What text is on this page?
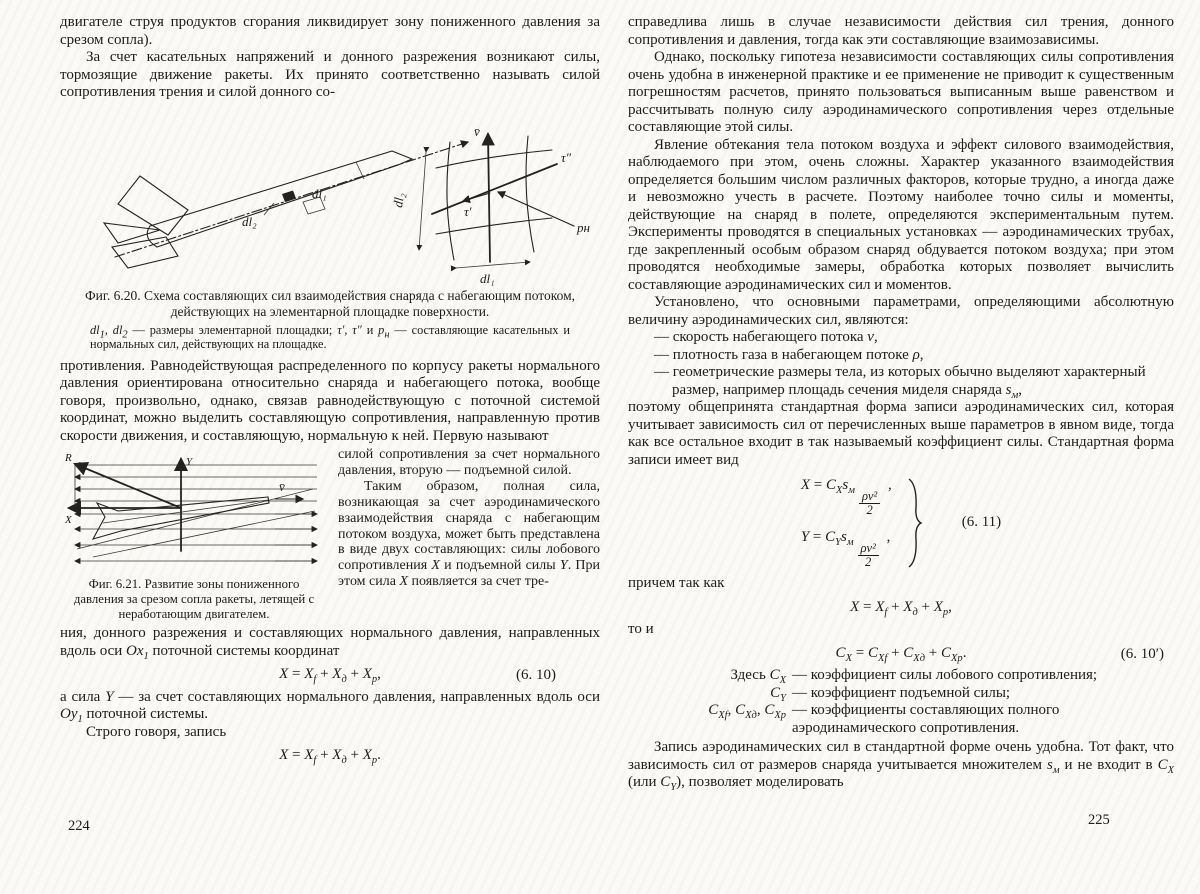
двигателе струя продуктов сгорания ликвидирует зону пониженного давления за срезом сопла).

За счет касательных напряжений и донного разрежения возникают силы, тормозящие движение ракеты. Их принято соответственно называть силой сопротивления трения и силой донного со-

v̄
dl₂
dl₁
τ″
τ′
pн
dl₂
dl₁
Фиг. 6.20. Схема составляющих сил взаимодействия снаряда с набегающим потоком, действующих на элементарной площадке поверхности.
$dl_1$, $dl_2$ — размеры элементарной площадки; τ′, τ″ и $p_н$ — составляющие касательных и нормальных сил, действующих на площадке.

противления. Равнодействующая распределенного по корпусу ракеты нормального давления ориентирована относительно снаряда и набегающего потока, вообще говоря, произвольно, однако, связав равнодействующую с поточной системой координат, можно выделить составляющую сопротивления, направленную против скорости движения, и составляющую, нормальную к ней. Первую называют

Y
X
R
v̄
Фиг. 6.21. Развитие зоны пониженного давления за срезом сопла ракеты, летящей с неработающим двигателем.

силой сопротивления за счет нормального давления, вторую — подъемной силой.

Таким образом, полная сила, возникающая за счет аэродинамического взаимодействия снаряда с набегающим потоком воздуха, может быть представлена в виде двух составляющих: силы лобового сопротивления X и подъемной силы Y. При этом сила X появляется за счет тре-

ния, донного разрежения и составляющих нормального давления, направленных вдоль оси $Ox_1$ поточной системы координат

$X = X_f + X_д + X_p$,	(6. 10)

а сила Y — за счет составляющих нормального давления, направленных вдоль оси $Oy_1$ поточной системы.

Строго говоря, запись

$X = X_f + X_д + X_p$.
224

справедлива лишь в случае независимости действия сил трения, донного сопротивления и давления, тогда как эти составляющие взаимозависимы.

Однако, поскольку гипотеза независимости составляющих силы сопротивления очень удобна в инженерной практике и ее применение не приводит к существенным погрешностям расчетов, принято пользоваться выписанным выше равенством и рассчитывать полную силу аэродинамического сопротивления через отдельные составляющие этой силы.

Явление обтекания тела потоком воздуха и эффект силового взаимодействия, наблюдаемого при этом, очень сложны. Характер указанного взаимодействия определяется большим числом различных факторов, которые трудно, а иногда даже и невозможно учесть в расчете. Поэтому наиболее точно силы и моменты, действующие на снаряд в полете, определяются экспериментальным путем. Эксперименты проводятся в специальных установках — аэродинамических трубах, где закрепленный особым образом снаряд обдувается потоком воздуха; при этом проводятся необходимые замеры, обработка которых позволяет вычислить составляющие аэродинамических сил и моментов.

Установлено, что основными параметрами, определяющими абсолютную величину аэродинамических сил, являются:

— скорость набегающего потока v,

— плотность газа в набегающем потоке ρ,

— геометрические размеры тела, из которых обычно выделяют характерный размер, например площадь сечения миделя снаряда $s_м$,

поэтому общепринята стандартная форма записи аэродинамических сил, которая учитывает зависимость сил от перечисленных выше параметров в явном виде, тогда как все остальное входит в так называемый коэффициент силы. Стандартная форма записи имеет вид

$X = C_Xs_м \frac{\text{ρv²}}{2}$
,
$Y = C_Ys_м \frac{\text{ρv²}}{2}$
,
(6. 11)

причем так как

$X = X_f + X_д + X_p$,

то и

$C_X = C_{Xf} + C_{Xд} + C_{Xp}$.	(6. 10′)
Здесь $C_X$ — коэффициент силы лобового сопротивления;
$C_Y$ — коэффициент подъемной силы;
$C_{Xf}$, $C_{Xд}$, $C_{Xp}$ — коэффициенты составляющих полного аэродинамического сопротивления.

Запись аэродинамических сил в стандартной форме очень удобна. Тот факт, что зависимость сил от размеров снаряда учитывается множителем $s_м$ и не входит в $C_X$ (или $C_Y$), позволяет моделировать

225
